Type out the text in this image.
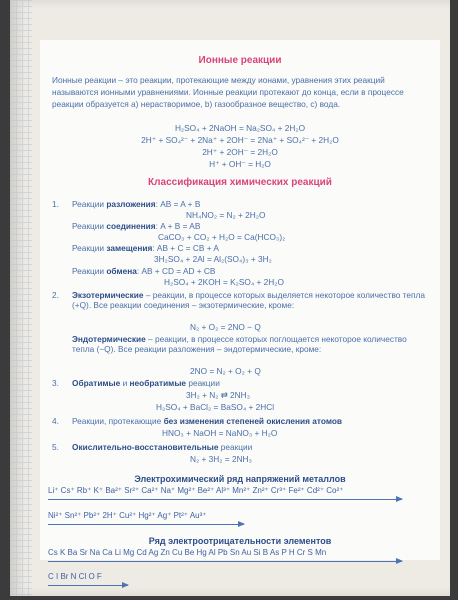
Ионные реакции
Ионные реакции – это реакции, протекающие между ионами, уравнения этих реакций называются ионными уравнениями. Ионные реакции протекают до конца, если в процессе реакции образуется а) нерастворимое, b) газообразное вещество, c) вода.
H₂SO₄ + 2NaOH = Na₂SO₄ + 2H₂O
2H⁺ + SO₄²⁻ + 2Na⁺ + 2OH⁻ = 2Na⁺ + SO₄²⁻ + 2H₂O
2H⁺ + 2OH⁻ = 2H₂O
H⁺ + OH⁻ = H₂O
Классификация химических реакций
1. Реакции разложения: AB = A + B
NH₄NO₂ = N₂ + 2H₂O
Реакции соединения: A + B = AB
CaCO₃ + CO₂ + H₂O = Ca(HCO₃)₂
Реакции замещения: AB + C = CB + A
3H₂SO₄ + 2Al = Al₂(SO₄)₃ + 3H₂
Реакции обмена: AB + CD = AD + CB
H₂SO₄ + 2KOH = K₂SO₄ + 2H₂O
2. Экзотермические – реакции, в процессе которых выделяется некоторое количество тепла (+Q). Все реакции соединения – экзотермические, кроме:
N₂ + O₂ = 2NO − Q
Эндотермические – реакции, в процессе которых поглощается некоторое количество тепла (−Q). Все реакции разложения – эндотермические, кроме:
2NO = N₂ + O₂ + Q
3. Обратимые и необратимые реакции
3H₂ + N₂ ⇄ 2NH₃
H₂SO₄ + BaCl₂ = BaSO₄ + 2HCl
4. Реакции, протекающие без изменения степеней окисления атомов
HNO₃ + NaOH = NaNO₃ + H₂O
5. Окислительно-восстановительные реакции
N₂ + 3H₂ = 2NH₃
Электрохимический ряд напряжений металлов
Li⁺ Cs⁺ Rb⁺ K⁺ Ba²⁺ Sr²⁺ Ca²⁺ Na⁺ Mg²⁺ Be²⁺ Al³⁺ Mn²⁺ Zn²⁺ Cr³⁺ Fe²⁺ Cd²⁺ Co²⁺
Ni²⁺ Sn²⁺ Pb²⁺ 2H⁺ Cu²⁺ Hg²⁺ Ag⁺ Pt²⁺ Au³⁺
Ряд электроотрицательности элементов
Cs K Ba Sr Na Ca Li Mg Cd Ag Zn Cu Be Hg Al Pb Sn Au Si B As P H Cr S Mn
C I Br N Cl O F
